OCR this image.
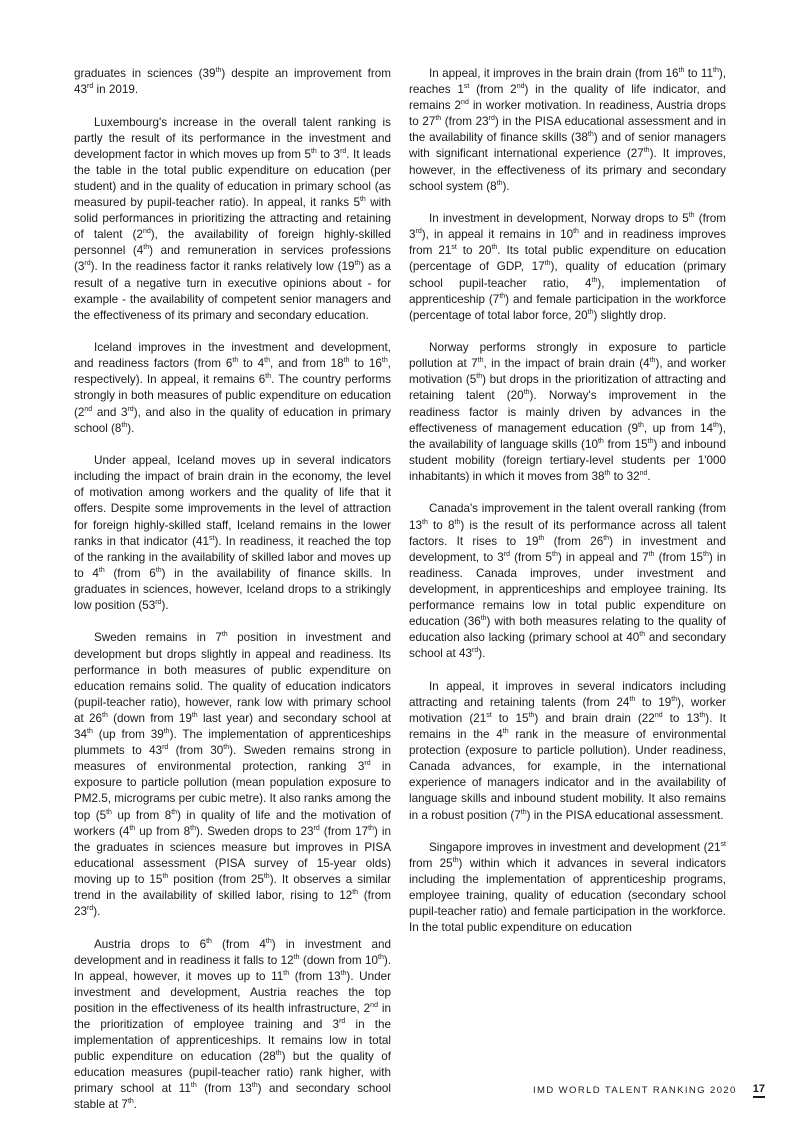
graduates in sciences (39th) despite an improvement from 43rd in 2019.

Luxembourg's increase in the overall talent ranking is partly the result of its performance in the investment and development factor in which moves up from 5th to 3rd. It leads the table in the total public expenditure on education (per student) and in the quality of education in primary school (as measured by pupil-teacher ratio). In appeal, it ranks 5th with solid performances in prioritizing the attracting and retaining of talent (2nd), the availability of foreign highly-skilled personnel (4th) and remuneration in services professions (3rd). In the readiness factor it ranks relatively low (19th) as a result of a negative turn in executive opinions about - for example - the availability of competent senior managers and the effectiveness of its primary and secondary education.

Iceland improves in the investment and development, and readiness factors (from 6th to 4th, and from 18th to 16th, respectively). In appeal, it remains 6th. The country performs strongly in both measures of public expenditure on education (2nd and 3rd), and also in the quality of education in primary school (8th).

Under appeal, Iceland moves up in several indicators including the impact of brain drain in the economy, the level of motivation among workers and the quality of life that it offers. Despite some improvements in the level of attraction for foreign highly-skilled staff, Iceland remains in the lower ranks in that indicator (41st). In readiness, it reached the top of the ranking in the availability of skilled labor and moves up to 4th (from 6th) in the availability of finance skills. In graduates in sciences, however, Iceland drops to a strikingly low position (53rd).

Sweden remains in 7th position in investment and development but drops slightly in appeal and readiness. Its performance in both measures of public expenditure on education remains solid. The quality of education indicators (pupil-teacher ratio), however, rank low with primary school at 26th (down from 19th last year) and secondary school at 34th (up from 39th). The implementation of apprenticeships plummets to 43rd (from 30th). Sweden remains strong in measures of environmental protection, ranking 3rd in exposure to particle pollution (mean population exposure to PM2.5, micrograms per cubic metre). It also ranks among the top (5th up from 8th) in quality of life and the motivation of workers (4th up from 8th). Sweden drops to 23rd (from 17th) in the graduates in sciences measure but improves in PISA educational assessment (PISA survey of 15-year olds) moving up to 15th position (from 25th). It observes a similar trend in the availability of skilled labor, rising to 12th (from 23rd).

Austria drops to 6th (from 4th) in investment and development and in readiness it falls to 12th (down from 10th). In appeal, however, it moves up to 11th (from 13th). Under investment and development, Austria reaches the top position in the effectiveness of its health infrastructure, 2nd in the prioritization of employee training and 3rd in the implementation of apprenticeships. It remains low in total public expenditure on education (28th) but the quality of education measures (pupil-teacher ratio) rank higher, with primary school at 11th (from 13th) and secondary school stable at 7th.

In appeal, it improves in the brain drain (from 16th to 11th), reaches 1st (from 2nd) in the quality of life indicator, and remains 2nd in worker motivation. In readiness, Austria drops to 27th (from 23rd) in the PISA educational assessment and in the availability of finance skills (38th) and of senior managers with significant international experience (27th). It improves, however, in the effectiveness of its primary and secondary school system (8th).

In investment in development, Norway drops to 5th (from 3rd), in appeal it remains in 10th and in readiness improves from 21st to 20th. Its total public expenditure on education (percentage of GDP, 17th), quality of education (primary school pupil-teacher ratio, 4th), implementation of apprenticeship (7th) and female participation in the workforce (percentage of total labor force, 20th) slightly drop.

Norway performs strongly in exposure to particle pollution at 7th, in the impact of brain drain (4th), and worker motivation (5th) but drops in the prioritization of attracting and retaining talent (20th). Norway's improvement in the readiness factor is mainly driven by advances in the effectiveness of management education (9th, up from 14th), the availability of language skills (10th from 15th) and inbound student mobility (foreign tertiary-level students per 1'000 inhabitants) in which it moves from 38th to 32nd.

Canada's improvement in the talent overall ranking (from 13th to 8th) is the result of its performance across all talent factors. It rises to 19th (from 26th) in investment and development, to 3rd (from 5th) in appeal and 7th (from 15th) in readiness. Canada improves, under investment and development, in apprenticeships and employee training. Its performance remains low in total public expenditure on education (36th) with both measures relating to the quality of education also lacking (primary school at 40th and secondary school at 43rd).

In appeal, it improves in several indicators including attracting and retaining talents (from 24th to 19th), worker motivation (21st to 15th) and brain drain (22nd to 13th). It remains in the 4th rank in the measure of environmental protection (exposure to particle pollution). Under readiness, Canada advances, for example, in the international experience of managers indicator and in the availability of language skills and inbound student mobility. It also remains in a robust position (7th) in the PISA educational assessment.

Singapore improves in investment and development (21st from 25th) within which it advances in several indicators including the implementation of apprenticeship programs, employee training, quality of education (secondary school pupil-teacher ratio) and female participation in the workforce. In the total public expenditure on education

IMD WORLD TALENT RANKING 2020 17
